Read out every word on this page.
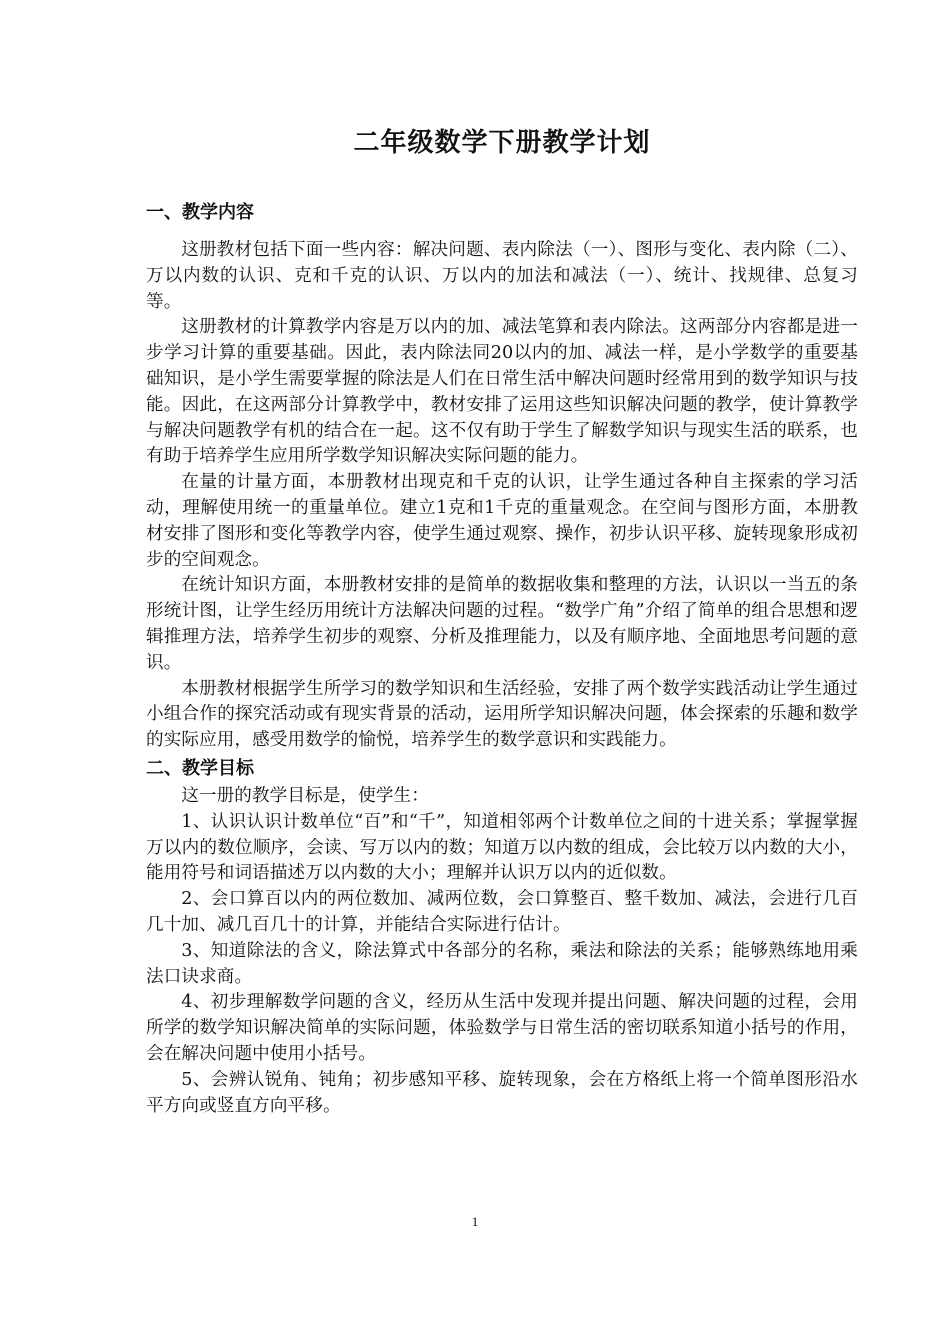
二年级数学下册教学计划
一、教学内容

这册教材包括下面一些内容：解决问题、表内除法（一）、图形与变化、表内除（二）、万以内数的认识、克和千克的认识、万以内的加法和减法（一）、统计、找规律、总复习等。

这册教材的计算教学内容是万以内的加、减法笔算和表内除法。这两部分内容都是进一步学习计算的重要基础。因此，表内除法同20以内的加、减法一样，是小学数学的重要基础知识，是小学生需要掌握的除法是人们在日常生活中解决问题时经常用到的数学知识与技能。因此，在这两部分计算教学中，教材安排了运用这些知识解决问题的教学，使计算教学与解决问题教学有机的结合在一起。这不仅有助于学生了解数学知识与现实生活的联系，也有助于培养学生应用所学数学知识解决实际问题的能力。

在量的计量方面，本册教材出现克和千克的认识，让学生通过各种自主探索的学习活动，理解使用统一的重量单位。建立1克和1千克的重量观念。在空间与图形方面，本册教材安排了图形和变化等教学内容，使学生通过观察、操作，初步认识平移、旋转现象形成初步的空间观念。

在统计知识方面，本册教材安排的是简单的数据收集和整理的方法，认识以一当五的条形统计图，让学生经历用统计方法解决问题的过程。“数学广角”介绍了简单的组合思想和逻辑推理方法，培养学生初步的观察、分析及推理能力，以及有顺序地、全面地思考问题的意识。

本册教材根据学生所学习的数学知识和生活经验，安排了两个数学实践活动让学生通过小组合作的探究活动或有现实背景的活动，运用所学知识解决问题，体会探索的乐趣和数学的实际应用，感受用数学的愉悦，培养学生的数学意识和实践能力。

二、教学目标

这一册的教学目标是，使学生：

1、认识认识计数单位“百”和“千”，知道相邻两个计数单位之间的十进关系；掌握掌握万以内的数位顺序，会读、写万以内的数；知道万以内数的组成，会比较万以内数的大小，能用符号和词语描述万以内数的大小；理解并认识万以内的近似数。

2、会口算百以内的两位数加、减两位数，会口算整百、整千数加、减法，会进行几百几十加、减几百几十的计算，并能结合实际进行估计。

3、知道除法的含义，除法算式中各部分的名称，乘法和除法的关系；能够熟练地用乘法口诀求商。

4、初步理解数学问题的含义，经历从生活中发现并提出问题、解决问题的过程，会用所学的数学知识解决简单的实际问题，体验数学与日常生活的密切联系知道小括号的作用，会在解决问题中使用小括号。

5、会辨认锐角、钝角；初步感知平移、旋转现象，会在方格纸上将一个简单图形沿水平方向或竖直方向平移。

1
